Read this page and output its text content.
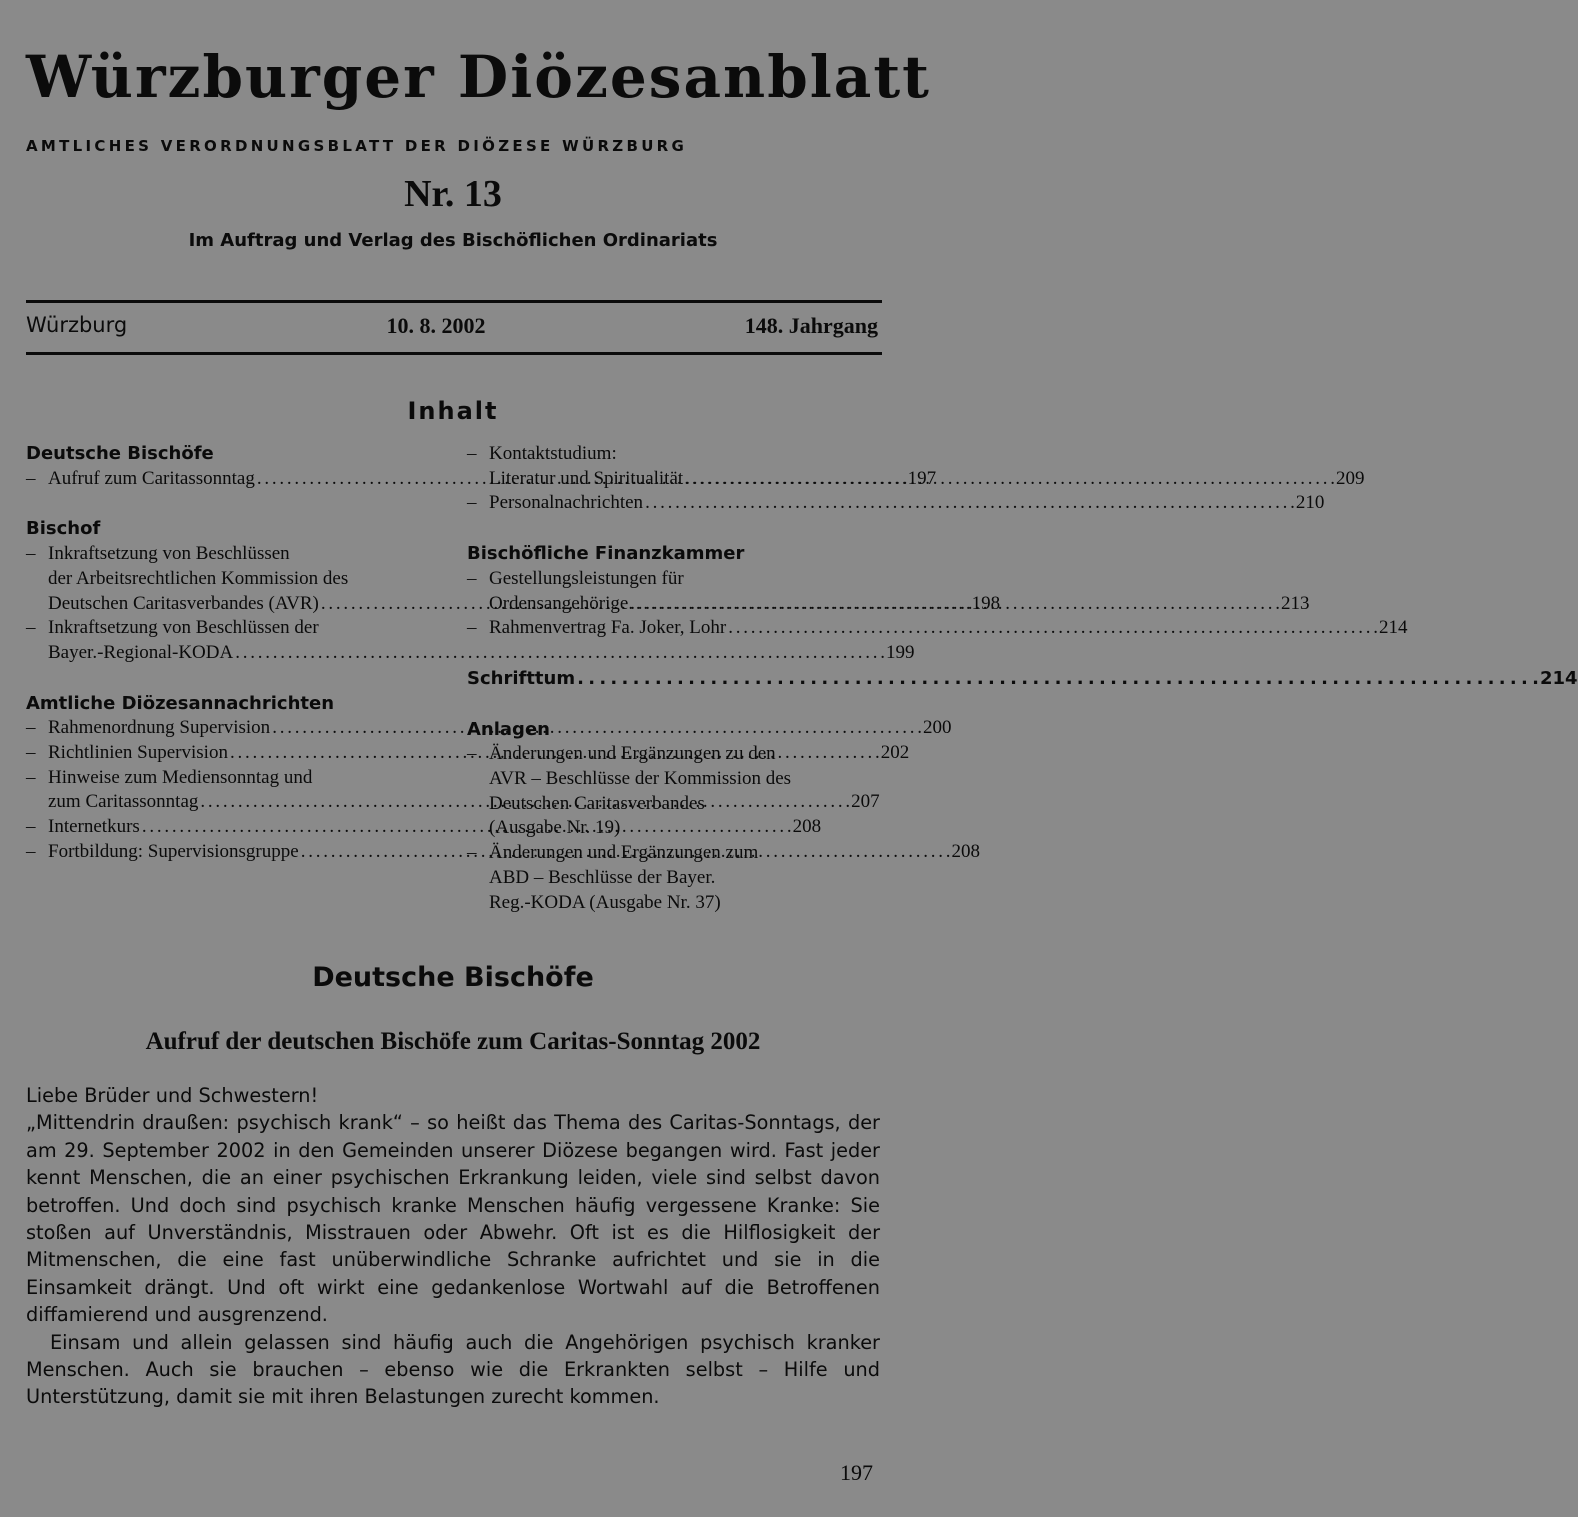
Würzburger Diözesanblatt
AMTLICHES VERORDNUNGSBLATT DER DIÖZESE WÜRZBURG
Nr. 13
Im Auftrag und Verlag des Bischöflichen Ordinariats
Würzburg	10. 8. 2002	148. Jahrgang
Inhalt
Deutsche Bischöfe
– Aufruf zum Caritassonntag . . .	197
Bischof
– Inkraftsetzung von Beschlüssen
der Arbeitsrechtlichen Kommission des
Deutschen Caritasverbandes (AVR) . . .	198
– Inkraftsetzung von Beschlüssen der
Bayer.-Regional-KODA . . .	199
Amtliche Diözesannachrichten
– Rahmenordnung Supervision . . .	200
– Richtlinien Supervision . . .	202
– Hinweise zum Mediensonntag und
zum Caritassonntag . . .	207
– Internetkurs . . .	208
– Fortbildung: Supervisionsgruppe . . .	208
– Kontaktstudium:
Literatur und Spiritualität . . .	209
– Personalnachrichten . . .	210
Bischöfliche Finanzkammer
– Gestellungsleistungen für
Ordensangehörige . . .	213
– Rahmenvertrag Fa. Joker, Lohr . . .	214
Schrifttum . . .	214
Anlagen
– Änderungen und Ergänzungen zu den
AVR – Beschlüsse der Kommission des
Deutschen Caritasverbandes
(Ausgabe Nr. 19)
– Änderungen und Ergänzungen zum
ABD – Beschlüsse der Bayer.
Reg.-KODA (Ausgabe Nr. 37)
Deutsche Bischöfe
Aufruf der deutschen Bischöfe zum Caritas-Sonntag 2002

Liebe Brüder und Schwestern!

„Mittendrin draußen: psychisch krank“ – so heißt das Thema des Caritas-Sonntags, der am 29. September 2002 in den Gemeinden unserer Diözese begangen wird. Fast jeder kennt Menschen, die an einer psychischen Erkrankung leiden, viele sind selbst davon betroffen. Und doch sind psychisch kranke Menschen häufig vergessene Kranke: Sie stoßen auf Unverständnis, Misstrauen oder Abwehr. Oft ist es die Hilflosigkeit der Mitmenschen, die eine fast unüberwindliche Schranke aufrichtet und sie in die Einsamkeit drängt. Und oft wirkt eine gedankenlose Wortwahl auf die Betroffenen diffamierend und ausgrenzend.

Einsam und allein gelassen sind häufig auch die Angehörigen psychisch kranker Menschen. Auch sie brauchen – ebenso wie die Erkrankten selbst – Hilfe und Unterstützung, damit sie mit ihren Belastungen zurecht kommen.

197
